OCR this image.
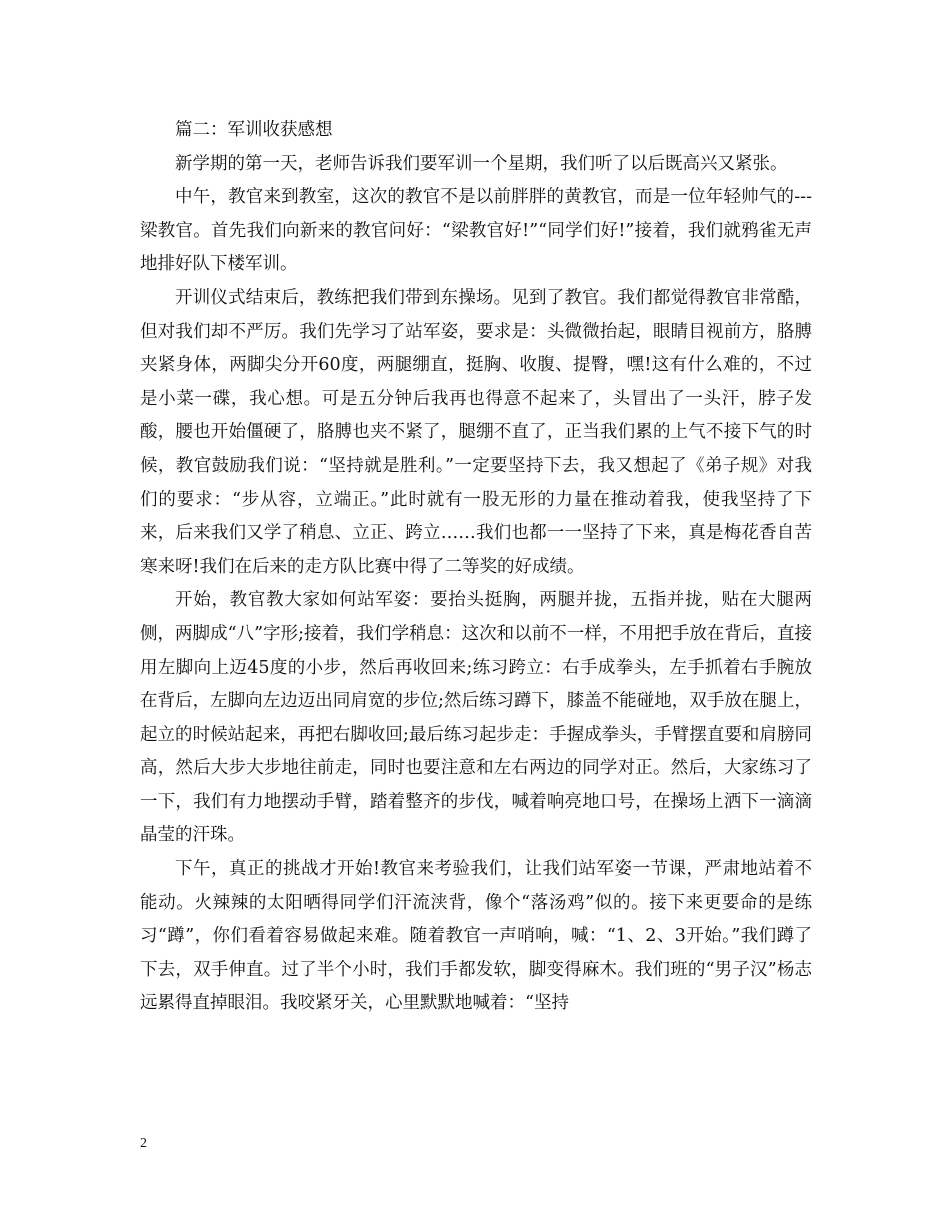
篇二：军训收获感想

新学期的第一天，老师告诉我们要军训一个星期，我们听了以后既高兴又紧张。

中午，教官来到教室，这次的教官不是以前胖胖的黄教官，而是一位年轻帅气的---梁教官。首先我们向新来的教官问好：“梁教官好!”“同学们好!”接着，我们就鸦雀无声地排好队下楼军训。

开训仪式结束后，教练把我们带到东操场。见到了教官。我们都觉得教官非常酷，但对我们却不严厉。我们先学习了站军姿，要求是：头微微抬起，眼睛目视前方，胳膊夹紧身体，两脚尖分开60度，两腿绷直，挺胸、收腹、提臀，嘿!这有什么难的，不过是小菜一碟，我心想。可是五分钟后我再也得意不起来了，头冒出了一头汗，脖子发酸，腰也开始僵硬了，胳膊也夹不紧了，腿绷不直了，正当我们累的上气不接下气的时候，教官鼓励我们说：“坚持就是胜利。”一定要坚持下去，我又想起了《弟子规》对我们的要求：“步从容，立端正。”此时就有一股无形的力量在推动着我，使我坚持了下来，后来我们又学了稍息、立正、跨立……我们也都一一坚持了下来，真是梅花香自苦寒来呀!我们在后来的走方队比赛中得了二等奖的好成绩。

开始，教官教大家如何站军姿：要抬头挺胸，两腿并拢，五指并拢，贴在大腿两侧，两脚成“八”字形;接着，我们学稍息：这次和以前不一样，不用把手放在背后，直接用左脚向上迈45度的小步，然后再收回来;练习跨立：右手成拳头，左手抓着右手腕放在背后，左脚向左边迈出同肩宽的步位;然后练习蹲下，膝盖不能碰地，双手放在腿上，起立的时候站起来，再把右脚收回;最后练习起步走：手握成拳头，手臂摆直要和肩膀同高，然后大步大步地往前走，同时也要注意和左右两边的同学对正。然后，大家练习了一下，我们有力地摆动手臂，踏着整齐的步伐，喊着响亮地口号，在操场上洒下一滴滴晶莹的汗珠。

下午，真正的挑战才开始!教官来考验我们，让我们站军姿一节课，严肃地站着不能动。火辣辣的太阳晒得同学们汗流浃背，像个“落汤鸡”似的。接下来更要命的是练习“蹲”，你们看着容易做起来难。随着教官一声哨响，喊：“1、2、3开始。”我们蹲了下去，双手伸直。过了半个小时，我们手都发软，脚变得麻木。我们班的“男子汉”杨志远累得直掉眼泪。我咬紧牙关，心里默默地喊着：“坚持

2
